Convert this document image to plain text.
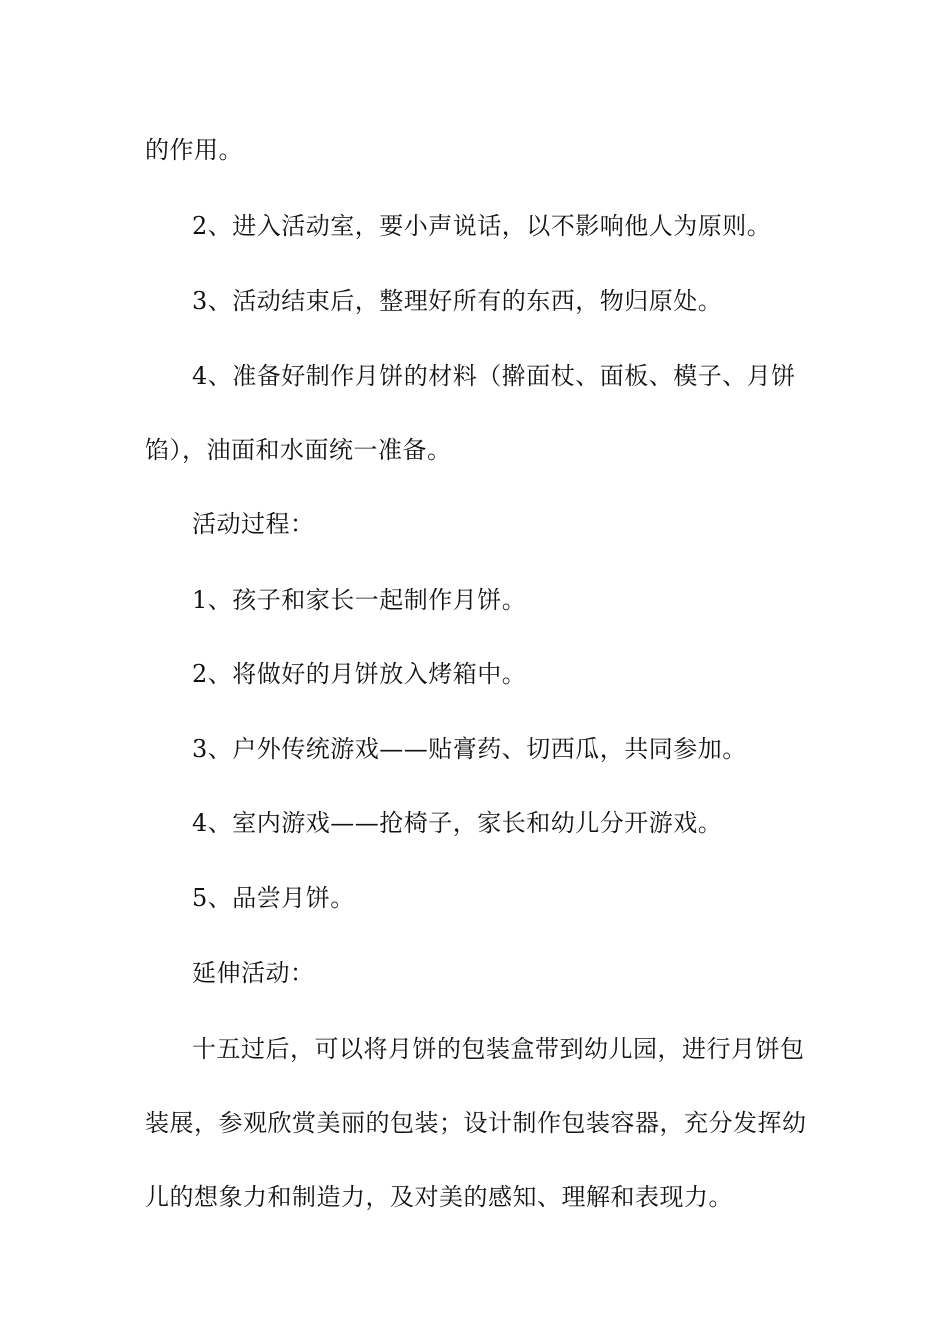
的作用。
2、进入活动室，要小声说话，以不影响他人为原则。
3、活动结束后，整理好所有的东西，物归原处。
4、准备好制作月饼的材料（擀面杖、面板、模子、月饼
馅），油面和水面统一准备。
活动过程：
1、孩子和家长一起制作月饼。
2、将做好的月饼放入烤箱中。
3、户外传统游戏——贴膏药、切西瓜，共同参加。
4、室内游戏——抢椅子，家长和幼儿分开游戏。
5、品尝月饼。
延伸活动：
十五过后，可以将月饼的包装盒带到幼儿园，进行月饼包
装展，参观欣赏美丽的包装；设计制作包装容器，充分发挥幼
儿的想象力和制造力，及对美的感知、理解和表现力。
